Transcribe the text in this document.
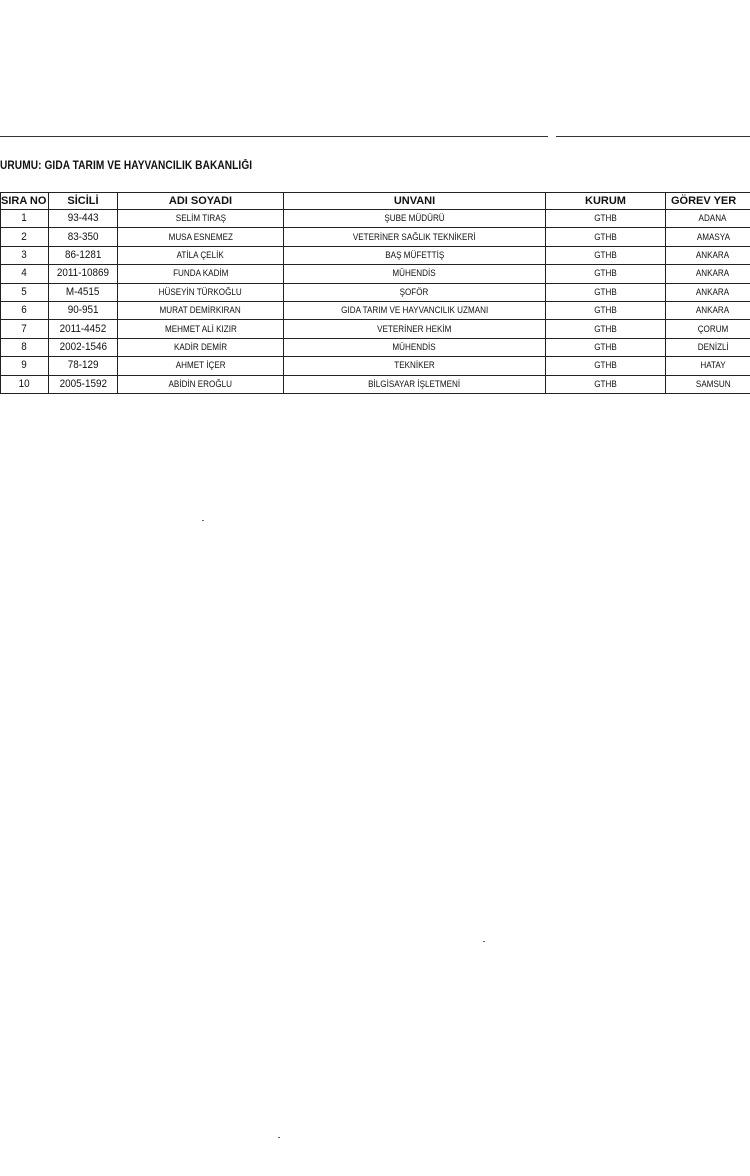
URUMU: GIDA TARIM VE HAYVANCILIK BAKANLIĞI
SIRA NO	SİCİLİ	ADI SOYADI	UNVANI	KURUM	GÖREV YER
1	93-443	SELİM TIRAŞ	ŞUBE MÜDÜRÜ	GTHB	ADANA
2	83-350	MUSA ESNEMEZ	VETERİNER SAĞLIK TEKNİKERİ	GTHB	AMASYA
3	86-1281	ATİLA ÇELİK	BAŞ MÜFETTİŞ	GTHB	ANKARA
4	2011-10869	FUNDA KADİM	MÜHENDİS	GTHB	ANKARA
5	M-4515	HÜSEYİN TÜRKOĞLU	ŞOFÖR	GTHB	ANKARA
6	90-951	MURAT DEMİRKIRAN	GIDA TARIM VE HAYVANCILIK UZMANI	GTHB	ANKARA
7	2011-4452	MEHMET ALİ KIZIR	VETERİNER HEKİM	GTHB	ÇORUM
8	2002-1546	KADİR DEMİR	MÜHENDİS	GTHB	DENİZLİ
9	78-129	AHMET İÇER	TEKNİKER	GTHB	HATAY
10	2005-1592	ABİDİN EROĞLU	BİLGİSAYAR İŞLETMENİ	GTHB	SAMSUN
